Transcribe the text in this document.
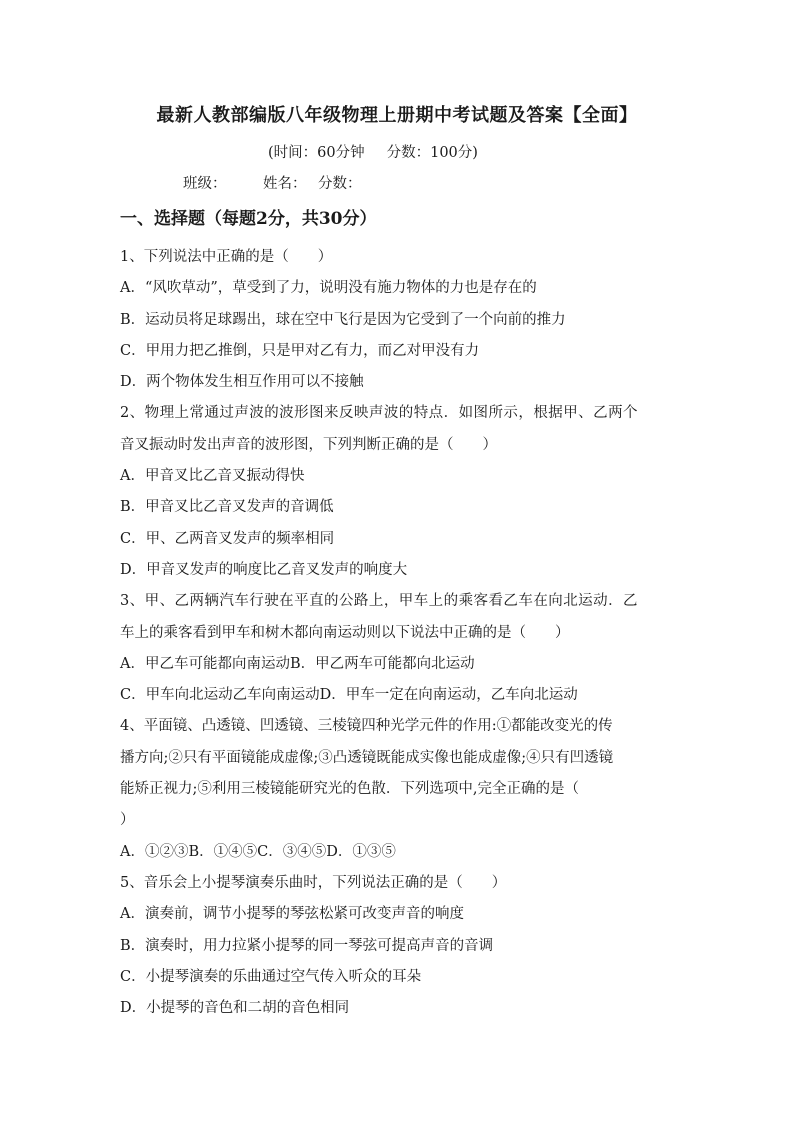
最新人教部编版八年级物理上册期中考试题及答案【全面】
(时间：60分钟 分数：100分)
班级：	姓名： 分数：
一、选择题（每题2分，共30分）
1、下列说法中正确的是（　　）
A．“风吹草动”，草受到了力，说明没有施力物体的力也是存在的
B．运动员将足球踢出，球在空中飞行是因为它受到了一个向前的推力
C．甲用力把乙推倒，只是甲对乙有力，而乙对甲没有力
D．两个物体发生相互作用可以不接触
2、物理上常通过声波的波形图来反映声波的特点．如图所示，根据甲、乙两个
音叉振动时发出声音的波形图，下列判断正确的是（　　）
A．甲音叉比乙音叉振动得快
B．甲音叉比乙音叉发声的音调低
C．甲、乙两音叉发声的频率相同
D．甲音叉发声的响度比乙音叉发声的响度大
3、甲、乙两辆汽车行驶在平直的公路上，甲车上的乘客看乙车在向北运动．乙
车上的乘客看到甲车和树木都向南运动则以下说法中正确的是（　　）
A．甲乙车可能都向南运动B．甲乙两车可能都向北运动
C．甲车向北运动乙车向南运动D．甲车一定在向南运动，乙车向北运动
4、平面镜、凸透镜、凹透镜、三棱镜四种光学元件的作用:①都能改变光的传
播方向;②只有平面镜能成虚像;③凸透镜既能成实像也能成虚像;④只有凹透镜
能矫正视力;⑤利用三棱镜能研究光的色散．下列选项中,完全正确的是（
）
A．①②③B．①④⑤C．③④⑤D．①③⑤
5、音乐会上小提琴演奏乐曲时，下列说法正确的是（　　）
A．演奏前，调节小提琴的琴弦松紧可改变声音的响度
B．演奏时，用力拉紧小提琴的同一琴弦可提高声音的音调
C．小提琴演奏的乐曲通过空气传入听众的耳朵
D．小提琴的音色和二胡的音色相同
